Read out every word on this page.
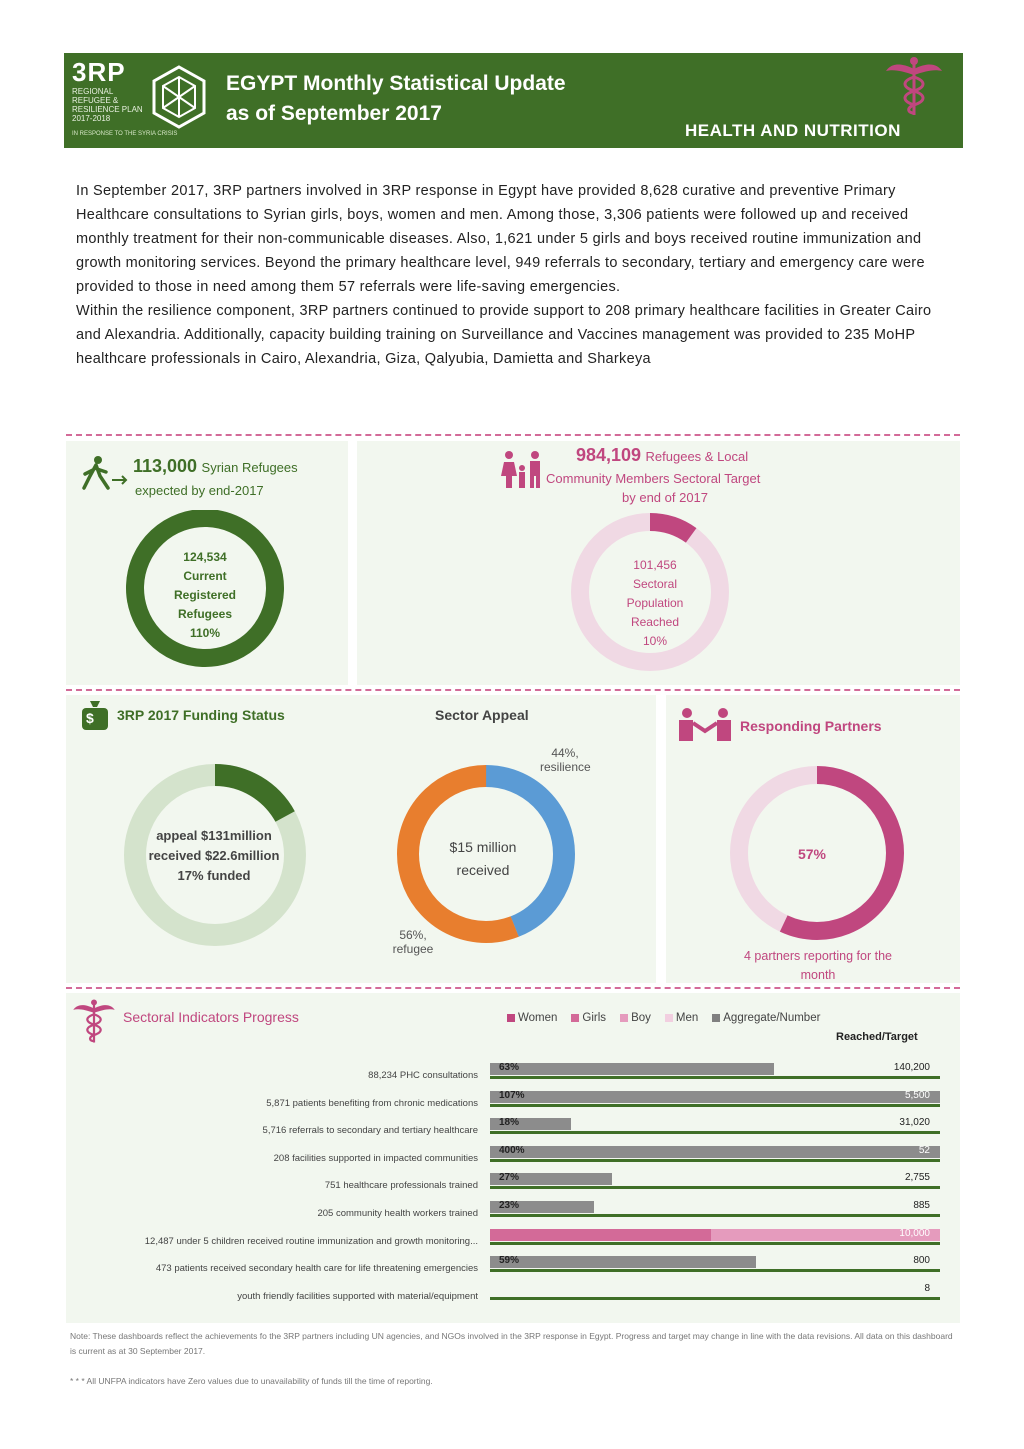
3RP
REGIONAL REFUGEE & RESILIENCE PLAN 2017-2018
IN RESPONSE TO THE SYRIA CRISIS
EGYPT Monthly Statistical Update
as of September 2017
HEALTH AND NUTRITION

In September 2017, 3RP partners involved in 3RP response in Egypt have provided 8,628 curative and preventive Primary Healthcare consultations to Syrian girls, boys, women and men. Among those, 3,306 patients were followed up and received monthly treatment for their non-communicable diseases. Also, 1,621 under 5 girls and boys received routine immunization and growth monitoring services. Beyond the primary healthcare level, 949 referrals to secondary, tertiary and emergency care were provided to those in need among them 57 referrals were life-saving emergencies.

Within the resilience component, 3RP partners continued to provide support to 208 primary healthcare facilities in Greater Cairo and Alexandria. Additionally, capacity building training on Surveillance and Vaccines management was provided to 235 MoHP healthcare professionals in Cairo, Alexandria, Giza, Qalyubia, Damietta and Sharkeya

113,000 Syrian Refugees
expected by end-2017
124,534
Current
Registered
Refugees
110%
984,109 Refugees & Local
Community Members Sectoral Target
by end of 2017
101,456
Sectoral
Population
Reached
10%
$ 3RP 2017 Funding Status
appeal $131million
received $22.6million
17% funded
Sector Appeal
44%,
resilience
$15 million
received
56%,
refugee
Responding Partners
57%
4 partners reporting for the
month
Sectoral Indicators Progress	Women Girls Boy Men Aggregate/Number
Reached/Target
88,234 PHC consultations
63%	140,200
5,871 patients benefiting from chronic medications
107%	5,500
5,716 referrals to secondary and tertiary healthcare
18%	31,020
208 facilities supported in impacted communities
400%	52
751 healthcare professionals trained
27%	2,755
205 community health workers trained
23%	885
12,487 under 5 children received routine immunization and growth monitoring...
10,000
473 patients received secondary health care for life threatening emergencies
59%	800
youth friendly facilities supported with material/equipment
8
Note: These dashboards reflect the achievements fo the 3RP partners including UN agencies, and NGOs involved in the 3RP response in Egypt. Progress and target may change in line with the data revisions. All data on this dashboard is current as at 30 September 2017.
* * * All UNFPA indicators have Zero values due to unavailability of funds till the time of reporting.
